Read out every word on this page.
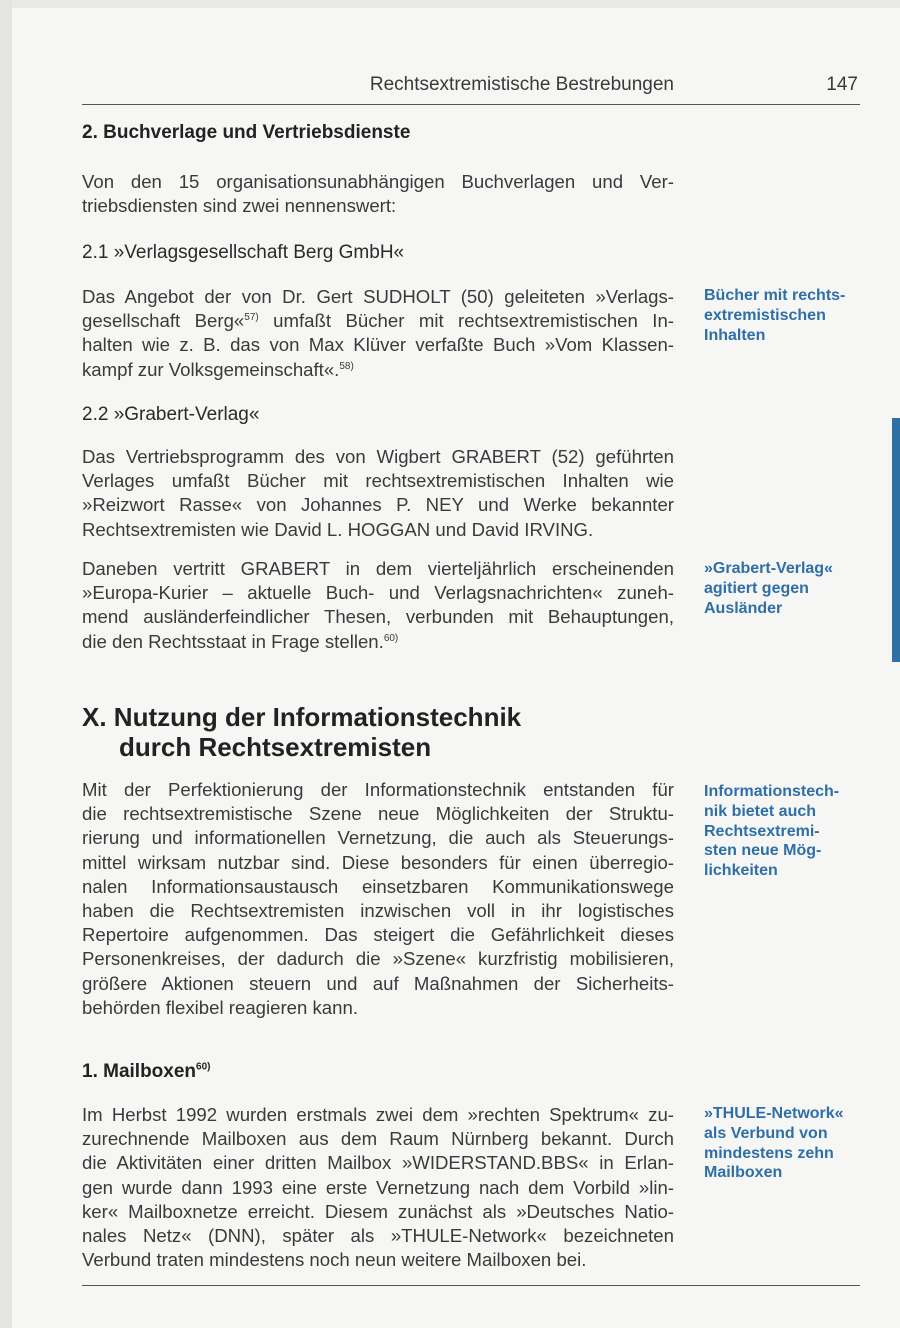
Rechtsextremistische Bestrebungen	147
2. Buchverlage und Vertriebsdienste
Von den 15 organisationsunabhängigen Buchverlagen und Ver-
triebsdiensten sind zwei nennenswert:
2.1 »Verlagsgesellschaft Berg GmbH«
Das Angebot der von Dr. Gert SUDHOLT (50) geleiteten »Verlags-
gesellschaft Berg«$^{57)}$ umfaßt Bücher mit rechtsextremistischen In-
halten wie z. B. das von Max Klüver verfaßte Buch »Vom Klassen-
kampf zur Volksgemeinschaft«.$^{58)}$
Bücher mit rechts-
extremistischen
Inhalten
2.2 »Grabert-Verlag«
Das Vertriebsprogramm des von Wigbert GRABERT (52) geführten
Verlages umfaßt Bücher mit rechtsextremistischen Inhalten wie
»Reizwort Rasse« von Johannes P. NEY und Werke bekannter
Rechtsextremisten wie David L. HOGGAN und David IRVING.
Daneben vertritt GRABERT in dem vierteljährlich erscheinenden
»Europa-Kurier – aktuelle Buch- und Verlagsnachrichten« zuneh-
mend ausländerfeindlicher Thesen, verbunden mit Behauptungen,
die den Rechtsstaat in Frage stellen.$^{60)}$
»Grabert-Verlag«
agitiert gegen
Ausländer
X. Nutzung der Informationstechnik
durch Rechtsextremisten
Mit der Perfektionierung der Informationstechnik entstanden für
die rechtsextremistische Szene neue Möglichkeiten der Struktu-
rierung und informationellen Vernetzung, die auch als Steuerungs-
mittel wirksam nutzbar sind. Diese besonders für einen überregio-
nalen Informationsaustausch einsetzbaren Kommunikationswege
haben die Rechtsextremisten inzwischen voll in ihr logistisches
Repertoire aufgenommen. Das steigert die Gefährlichkeit dieses
Personenkreises, der dadurch die »Szene« kurzfristig mobilisieren,
größere Aktionen steuern und auf Maßnahmen der Sicherheits-
behörden flexibel reagieren kann.
Informationstech-
nik bietet auch
Rechtsextremi-
sten neue Mög-
lichkeiten
1. Mailboxen$^{60)}$
Im Herbst 1992 wurden erstmals zwei dem »rechten Spektrum« zu-
zurechnende Mailboxen aus dem Raum Nürnberg bekannt. Durch
die Aktivitäten einer dritten Mailbox »WIDERSTAND.BBS« in Erlan-
gen wurde dann 1993 eine erste Vernetzung nach dem Vorbild »lin-
ker« Mailboxnetze erreicht. Diesem zunächst als »Deutsches Natio-
nales Netz« (DNN), später als »THULE-Network« bezeichneten
Verbund traten mindestens noch neun weitere Mailboxen bei.
»THULE-Network«
als Verbund von
mindestens zehn
Mailboxen
